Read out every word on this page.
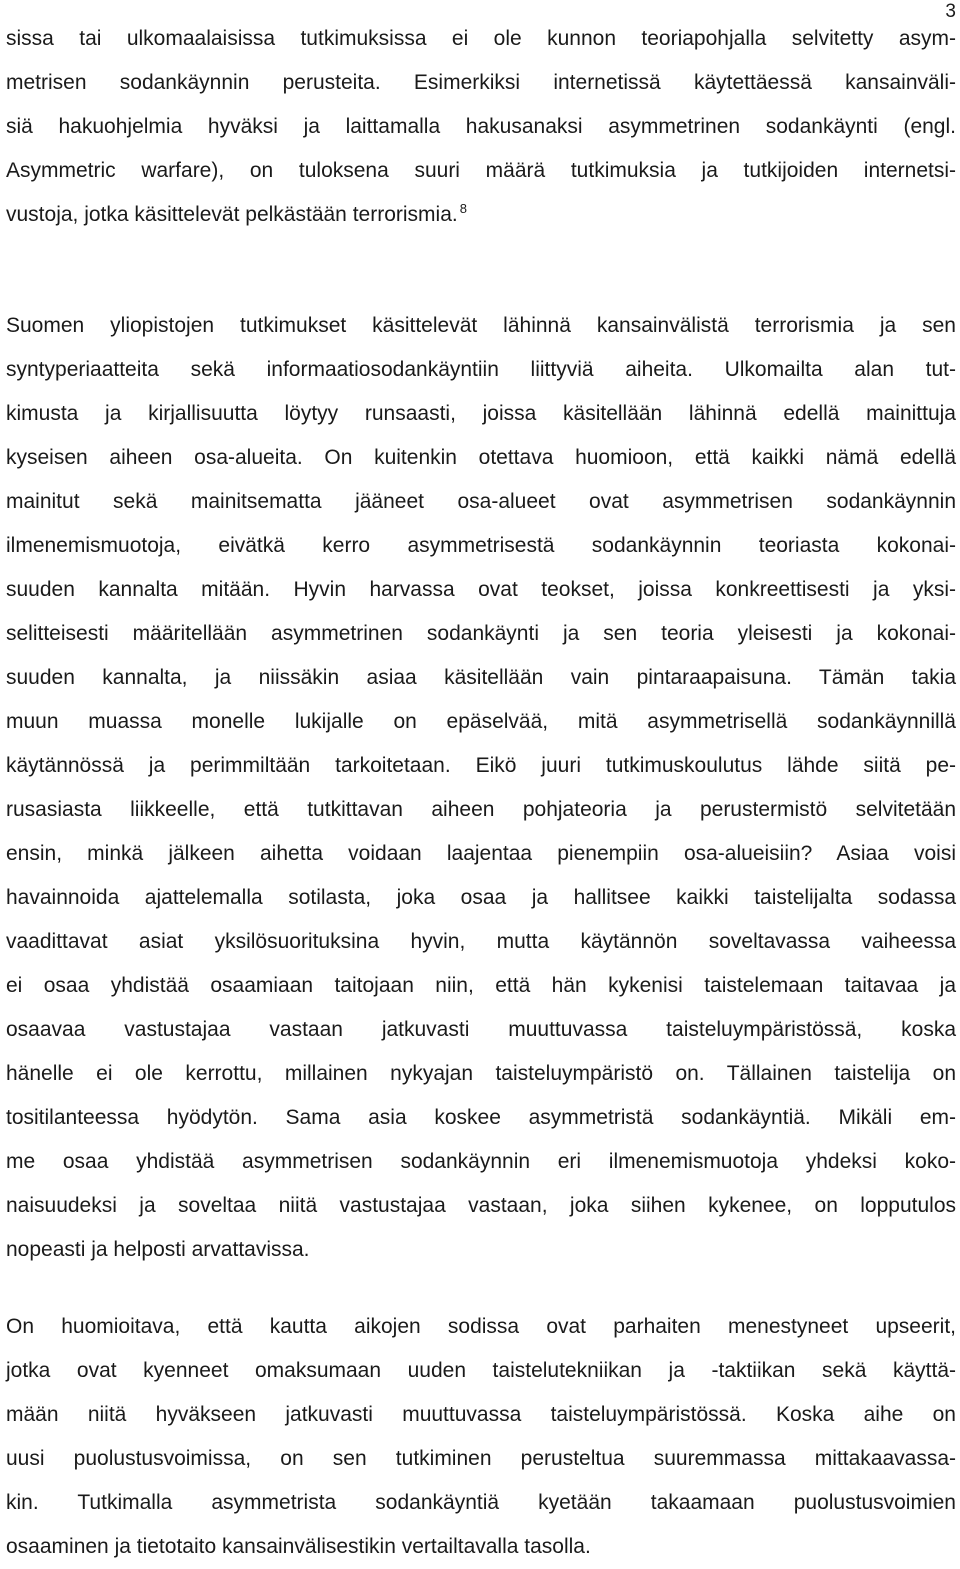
3
sissa tai ulkomaalaisissa tutkimuksissa ei ole kunnon teoriapohjalla selvitetty asym-
metrisen sodankäynnin perusteita. Esimerkiksi internetissä käytettäessä kansainväli-
siä hakuohjelmia hyväksi ja laittamalla hakusanaksi asymmetrinen sodankäynti (engl.
Asymmetric warfare), on tuloksena suuri määrä tutkimuksia ja tutkijoiden internetsi-
vustoja, jotka käsittelevät pelkästään terrorismia. $^8$
Suomen yliopistojen tutkimukset käsittelevät lähinnä kansainvälistä terrorismia ja sen
syntyperiaatteita sekä informaatiosodankäyntiin liittyviä aiheita. Ulkomailta alan tut-
kimusta ja kirjallisuutta löytyy runsaasti, joissa käsitellään lähinnä edellä mainittuja
kyseisen aiheen osa-alueita. On kuitenkin otettava huomioon, että kaikki nämä edellä
mainitut sekä mainitsematta jääneet osa-alueet ovat asymmetrisen sodankäynnin
ilmenemismuotoja, eivätkä kerro asymmetrisestä sodankäynnin teoriasta kokonai-
suuden kannalta mitään. Hyvin harvassa ovat teokset, joissa konkreettisesti ja yksi-
selitteisesti määritellään asymmetrinen sodankäynti ja sen teoria yleisesti ja kokonai-
suuden kannalta, ja niissäkin asiaa käsitellään vain pintaraapaisuna. Tämän takia
muun muassa monelle lukijalle on epäselvää, mitä asymmetrisellä sodankäynnillä
käytännössä ja perimmiltään tarkoitetaan. Eikö juuri tutkimuskoulutus lähde siitä pe-
rusasiasta liikkeelle, että tutkittavan aiheen pohjateoria ja perustermistö selvitetään
ensin, minkä jälkeen aihetta voidaan laajentaa pienempiin osa-alueisiin? Asiaa voisi
havainnoida ajattelemalla sotilasta, joka osaa ja hallitsee kaikki taistelijalta sodassa
vaadittavat asiat yksilösuorituksina hyvin, mutta käytännön soveltavassa vaiheessa
ei osaa yhdistää osaamiaan taitojaan niin, että hän kykenisi taistelemaan taitavaa ja
osaavaa vastustajaa vastaan jatkuvasti muuttuvassa taisteluympäristössä, koska
hänelle ei ole kerrottu, millainen nykyajan taisteluympäristö on. Tällainen taistelija on
tositilanteessa hyödytön. Sama asia koskee asymmetristä sodankäyntiä. Mikäli em-
me osaa yhdistää asymmetrisen sodankäynnin eri ilmenemismuotoja yhdeksi koko-
naisuudeksi ja soveltaa niitä vastustajaa vastaan, joka siihen kykenee, on lopputulos
nopeasti ja helposti arvattavissa.
On huomioitava, että kautta aikojen sodissa ovat parhaiten menestyneet upseerit,
jotka ovat kyenneet omaksumaan uuden taistelutekniikan ja -taktiikan sekä käyttä-
mään niitä hyväkseen jatkuvasti muuttuvassa taisteluympäristössä. Koska aihe on
uusi puolustusvoimissa, on sen tutkiminen perusteltua suuremmassa mittakaavassa-
kin. Tutkimalla asymmetrista sodankäyntiä kyetään takaamaan puolustusvoimien
osaaminen ja tietotaito kansainvälisestikin vertailtavalla tasolla.
